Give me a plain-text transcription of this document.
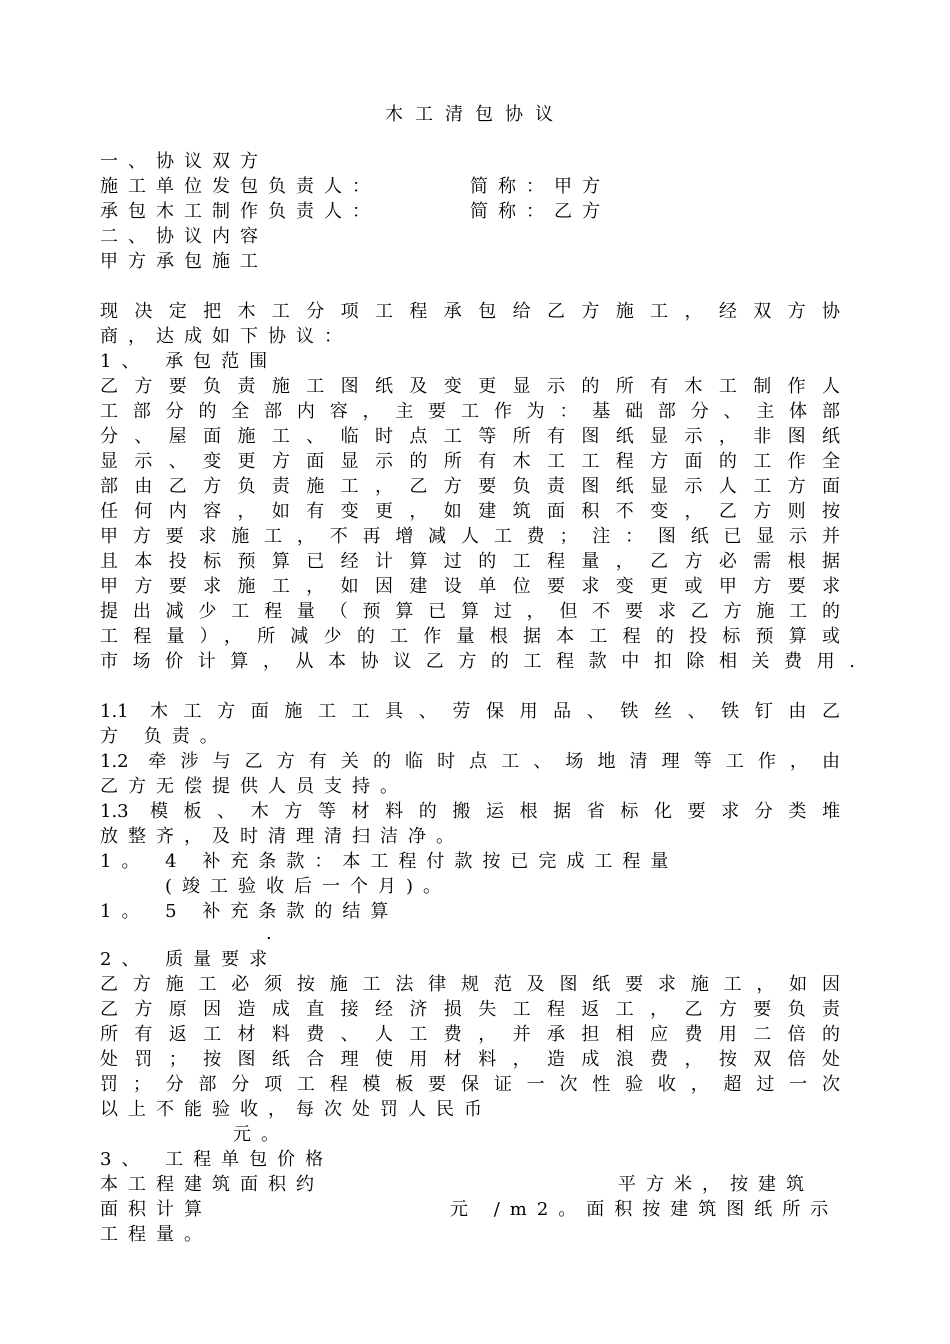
木工清包协议
一、协议双方
施工单位发包负责人：	简称：甲方
承包木工制作负责人：	简称：乙方
二、协议内容
甲方承包施工
现决定把木工分项工程承包给乙方施工，经双方协
商，达成如下协议：
1、 承包范围
乙方要负责施工图纸及变更显示的所有木工制作人
工部分的全部内容，主要工作为：基础部分、主体部
分、屋面施工、临时点工等所有图纸显示，非图纸
显示、变更方面显示的所有木工工程方面的工作全
部由乙方负责施工，乙方要负责图纸显示人工方面
任何内容，如有变更，如建筑面积不变，乙方则按
甲方要求施工，不再增减人工费；注：图纸已显示并
且本投标预算已经计算过的工程量，乙方必需根据
甲方要求施工，如因建设单位要求变更或甲方要求
提出减少工程量（预算已算过，但不要求乙方施工的
工程量），所减少的工作量根据本工程的投标预算或
市场价计算，从本协议乙方的工程款中扣除相关费用.
1.1 木工方面施工工具、劳保用品、铁丝、铁钉由乙
方 负责。
1.2 牵涉与乙方有关的临时点工、场地清理等工作，由
乙方无偿提供人员支持。
1.3 模板、木方等材料的搬运根据省标化要求分类堆
放整齐，及时清理清扫洁净。
1。 4 补充条款：本工程付款按已完成工程量
(竣工验收后一个月)。
1。 5 补充条款的结算
.
2、 质量要求
乙方施工必须按施工法律规范及图纸要求施工，如因
乙方原因造成直接经济损失工程返工，乙方要负责
所有返工材料费、人工费，并承担相应费用二倍的
处罚；按图纸合理使用材料，造成浪费，按双倍处
罚；分部分项工程模板要保证一次性验收，超过一次
以上不能验收，每次处罚人民币
元。
3、 工程单包价格
本工程建筑面积约	平方米，按建筑
面积计算	元 /m2。面积按建筑图纸所示
工程量。
